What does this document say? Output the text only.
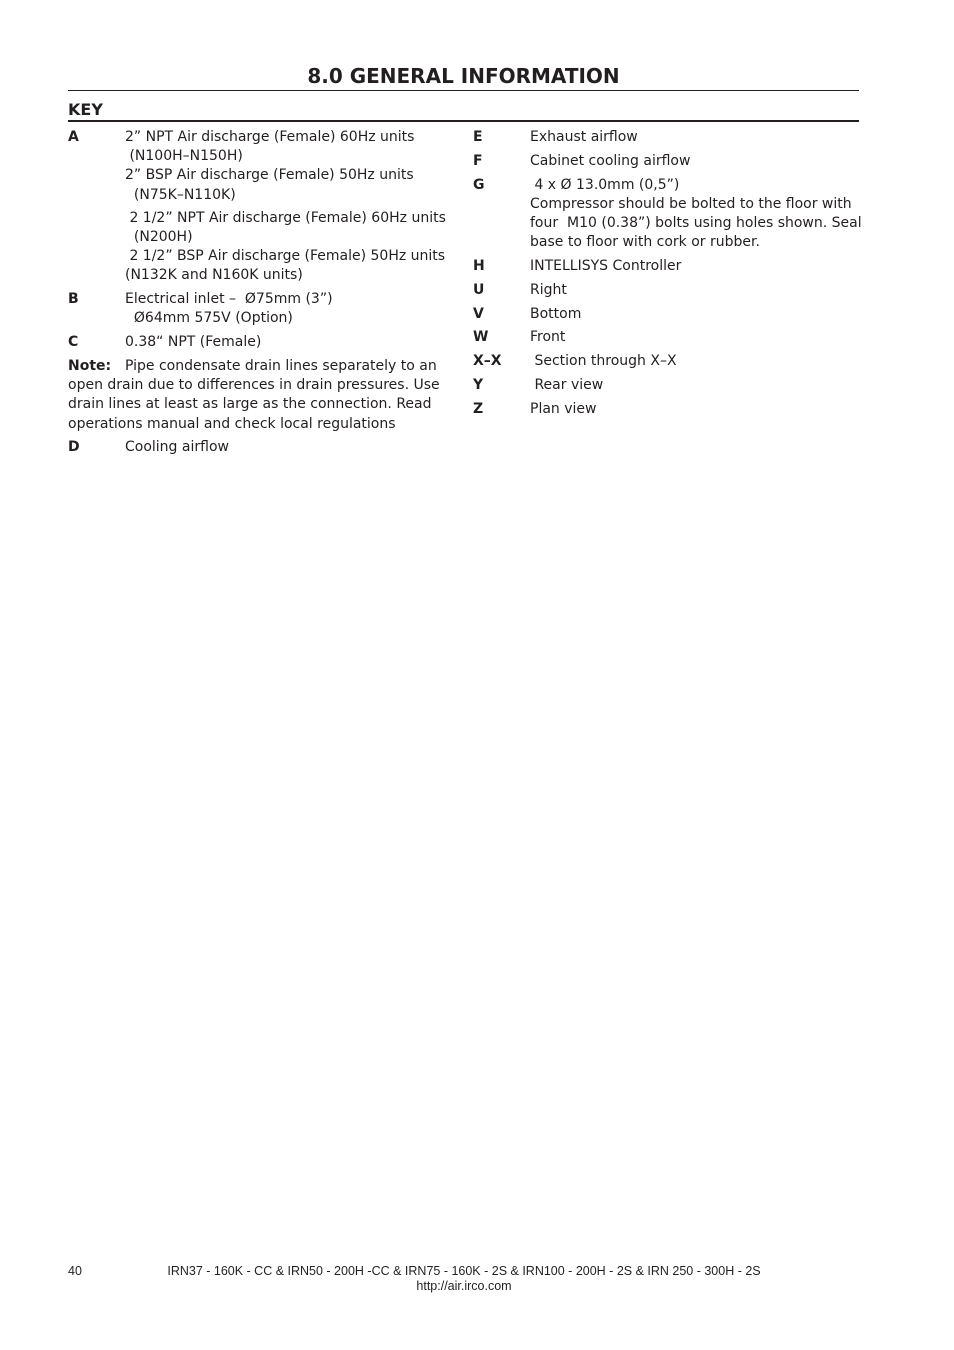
8.0 GENERAL INFORMATION
KEY
A	2” NPT Air discharge (Female) 60Hz units
(N100H–N150H)
2” BSP Air discharge (Female) 50Hz units
(N75K–N110K)
2 1/2” NPT Air discharge (Female) 60Hz units
(N200H)
2 1/2” BSP Air discharge (Female) 50Hz units
(N132K and N160K units)
B	Electrical inlet –  Ø75mm (3”)
Ø64mm 575V (Option)
C	0.38“ NPT (Female)
Note: Pipe condensate drain lines separately to an open drain due to differences in drain pressures. Use drain lines at least as large as the connection. Read operations manual and check local regulations
D	Cooling airflow
E	Exhaust airflow
F	Cabinet cooling airflow
G	4 x Ø 13.0mm (0,5”)
Compressor should be bolted to the floor with
four  M10 (0.38”) bolts using holes shown. Seal
base to floor with cork or rubber.
H	INTELLISYS Controller
U	Right
V	Bottom
W	Front
X–X	Section through X–X
Y	Rear view
Z	Plan view
40	IRN37 - 160K - CC & IRN50 - 200H -CC & IRN75 - 160K - 2S & IRN100 - 200H - 2S & IRN 250 - 300H - 2S
http://air.irco.com
